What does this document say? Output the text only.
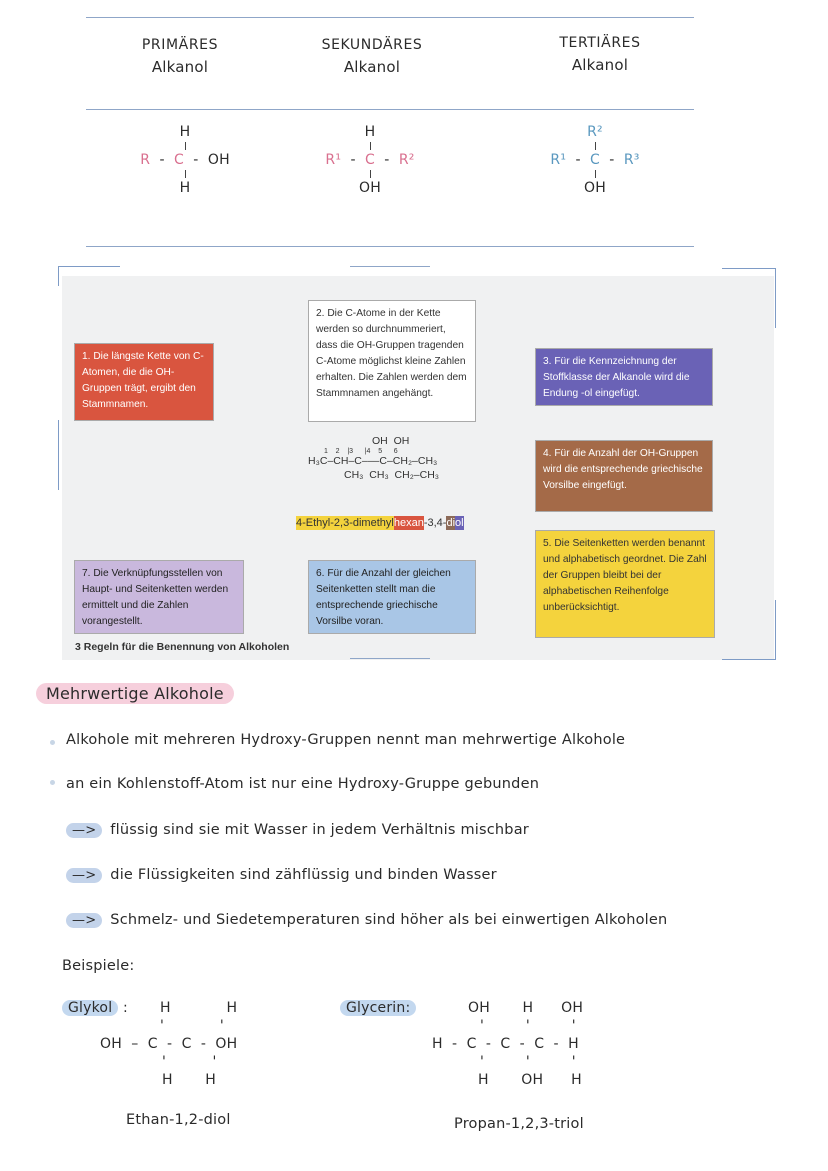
PRIMÄRES
Alkanol
SEKUNDÄRES
Alkanol
TERTIÄRES
Alkanol
H
R  -  C  -  OH
H
H
R¹  -  C  -  R²
OH
R²
R¹  -  C  -  R³
OH
1. Die längste Kette von C-Atomen, die die OH-Gruppen trägt, ergibt den Stammnamen.
2. Die C-Atome in der Kette werden so durchnummeriert, dass die OH-Gruppen tragenden C-Atome möglichst kleine Zahlen erhalten. Die Zahlen werden dem Stammnamen angehängt.
3. Für die Kennzeichnung der Stoffklasse der Alkanole wird die Endung -ol eingefügt.
4. Für die Anzahl der OH-Gruppen wird die entsprechende griechische Vorsilbe eingefügt.
5. Die Seitenketten werden benannt und alphabetisch geordnet. Die Zahl der Gruppen bleibt bei der alphabetischen Reihenfolge unberücksichtigt.
6. Für die Anzahl der gleichen Seitenketten stellt man die entsprechende griechische Vorsilbe voran.
7. Die Verknüpfungsstellen von Haupt- und Seitenketten werden ermittelt und die Zahlen vorangestellt.
OH  OH
1    2    |3      |4    5      6
H₃C–CH–C–––C–CH₂–CH₃
CH₃  CH₃  CH₂–CH₃
4-Ethyl-2,3-dimethylhexan-3,4-diol
3 Regeln für die Benennung von Alkoholen
Mehrwertige Alkohole
Alkohole mit mehreren Hydroxy-Gruppen nennt man mehrwertige Alkohole
an ein Kohlenstoff-Atom ist nur eine Hydroxy-Gruppe gebunden
—> flüssig sind sie mit Wasser in jedem Verhältnis mischbar
—> die Flüssigkeiten sind zähflüssig und binden Wasser
—> Schmelz- und Siedetemperaturen sind höher als bei einwertigen Alkoholen
Beispiele:
Glykol :	H            H
'            '
OH  –  C  -  C  -  OH
'          '
H       H
Ethan-1,2-diol
Glycerin:	OH       H      OH
'         '         '
H  -  C  -  C  -  C  -  H
'         '         '
H       OH      H
Propan-1,2,3-triol
